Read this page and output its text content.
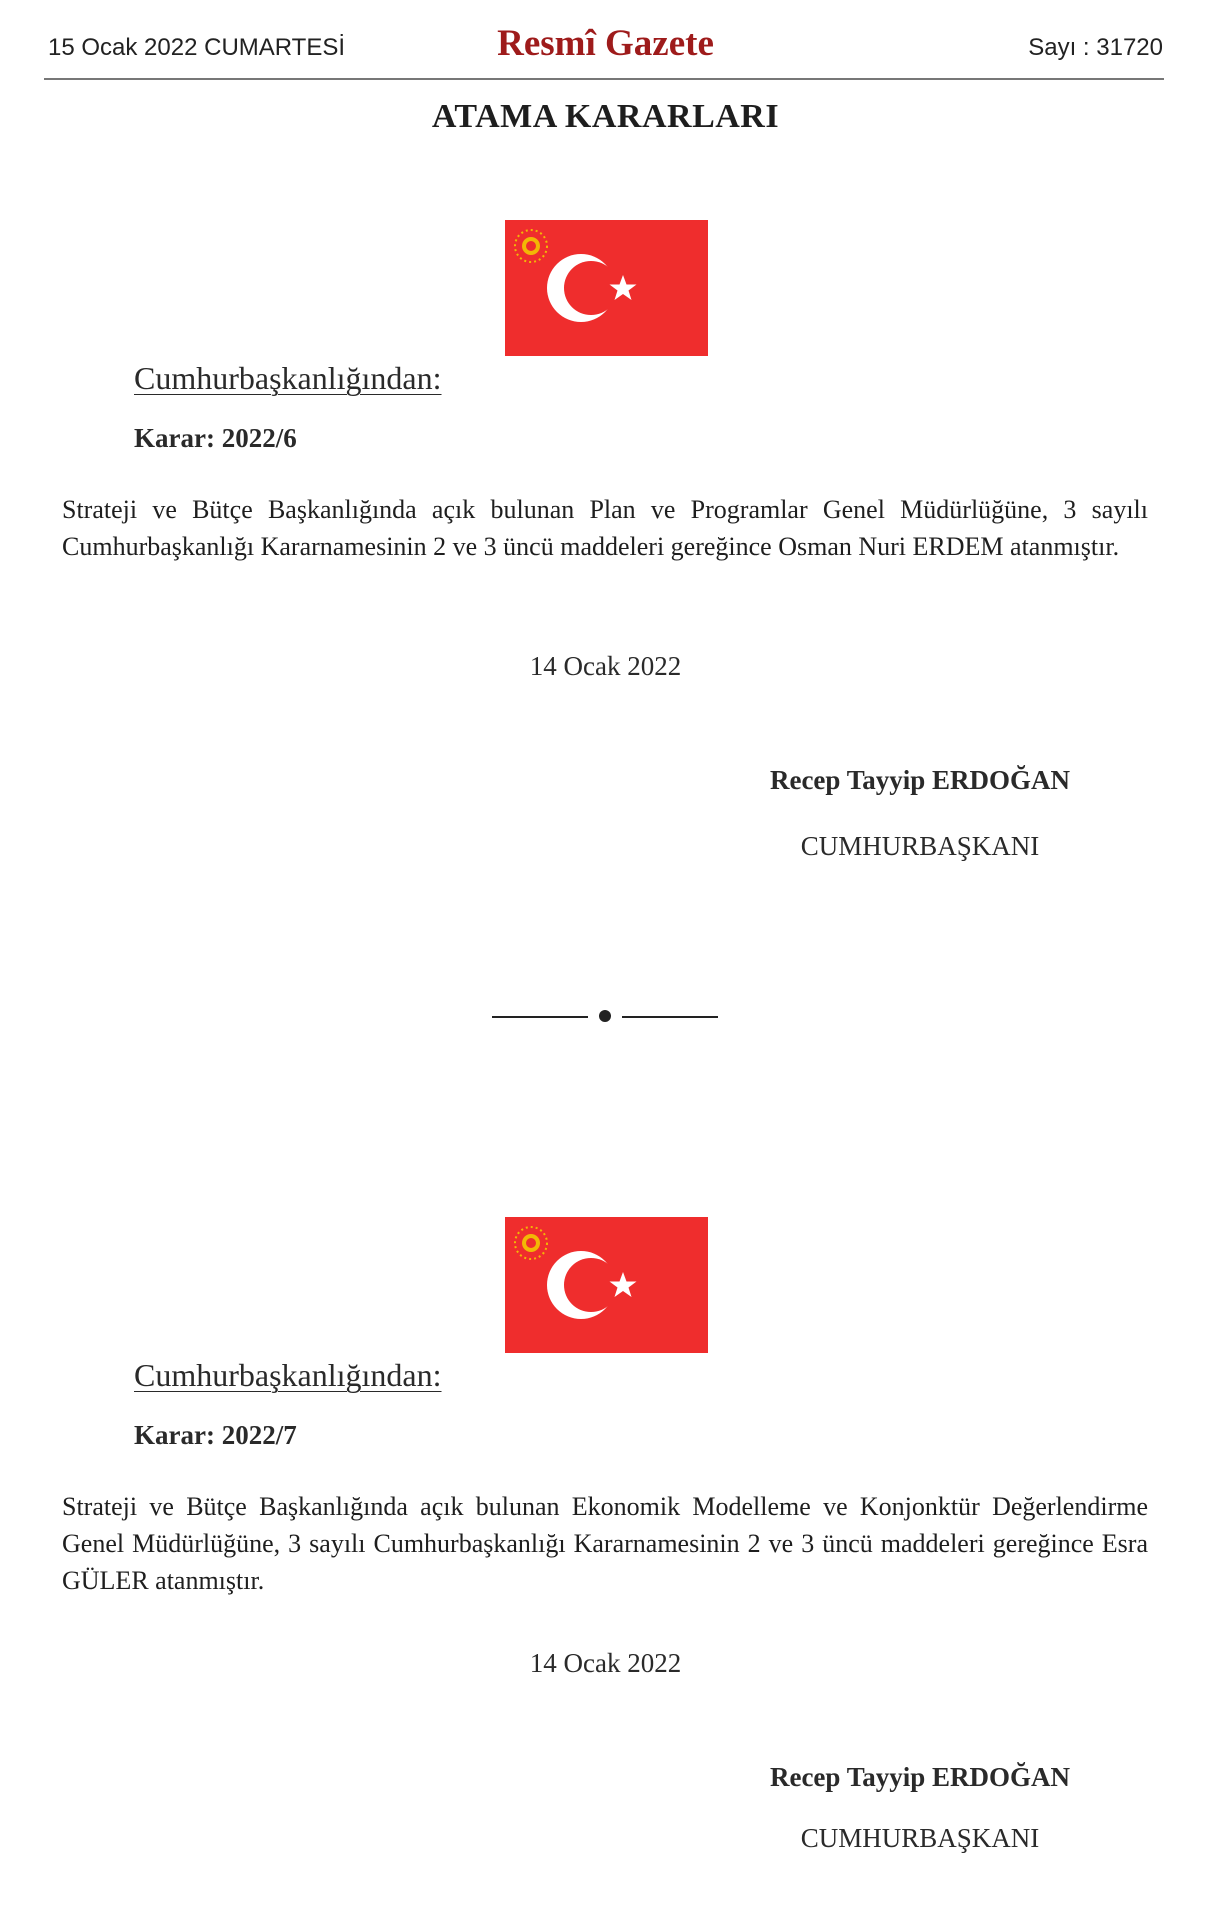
15 Ocak 2022 CUMARTESİ	Resmî Gazete	Sayı : 31720
ATAMA KARARLARI
Cumhurbaşkanlığından:
Karar: 2022/6
Strateji ve Bütçe Başkanlığında açık bulunan Plan ve Programlar Genel Müdürlüğüne, 3 sayılı Cumhurbaşkanlığı Kararnamesinin 2 ve 3 üncü maddeleri gereğince Osman Nuri ERDEM atanmıştır.
14 Ocak 2022
Recep Tayyip ERDOĞAN
CUMHURBAŞKANI
Cumhurbaşkanlığından:
Karar: 2022/7
Strateji ve Bütçe Başkanlığında açık bulunan Ekonomik Modelleme ve Konjonktür Değerlendirme Genel Müdürlüğüne, 3 sayılı Cumhurbaşkanlığı Kararnamesinin 2 ve 3 üncü maddeleri gereğince Esra GÜLER atanmıştır.
14 Ocak 2022
Recep Tayyip ERDOĞAN
CUMHURBAŞKANI
